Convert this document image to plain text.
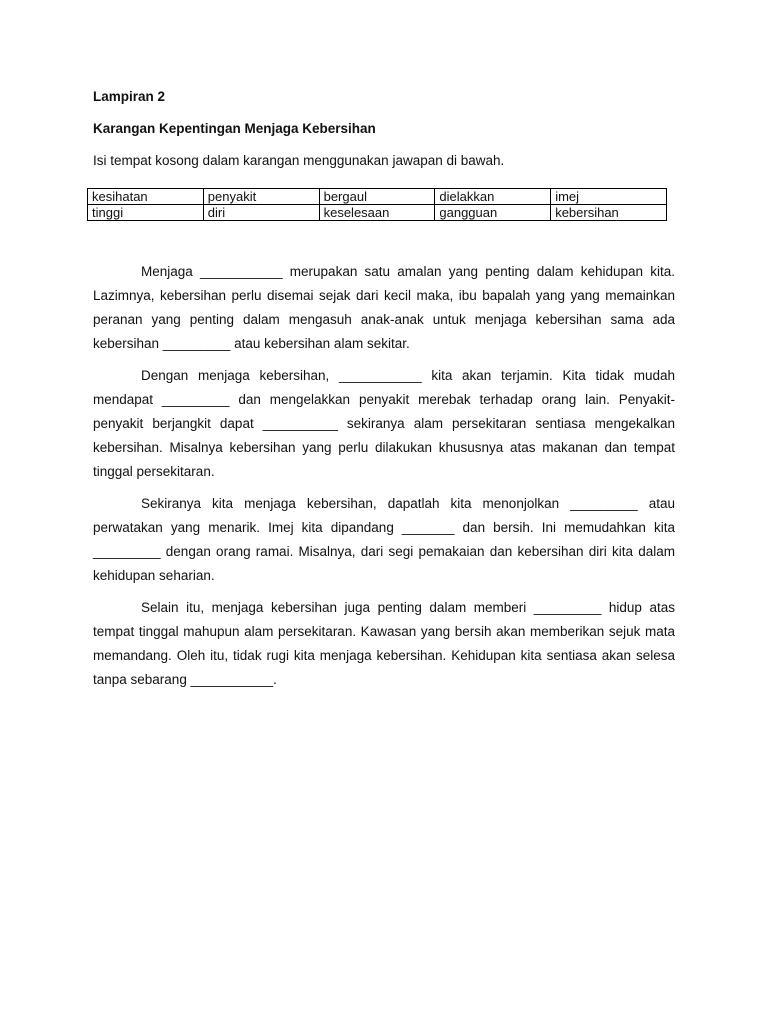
Lampiran 2

Karangan Kepentingan Menjaga Kebersihan

Isi tempat kosong dalam karangan menggunakan jawapan di bawah.

kesihatan	penyakit	bergaul	dielakkan	imej
tinggi	diri	keselesaan	gangguan	kebersihan

Menjaga ___________ merupakan satu amalan yang penting dalam kehidupan kita. Lazimnya, kebersihan perlu disemai sejak dari kecil maka, ibu bapalah yang yang memainkan peranan yang penting dalam mengasuh anak-anak untuk menjaga kebersihan sama ada kebersihan _________ atau kebersihan alam sekitar.

Dengan menjaga kebersihan, ___________ kita akan terjamin. Kita tidak mudah mendapat _________ dan mengelakkan penyakit merebak terhadap orang lain. Penyakit-penyakit berjangkit dapat __________ sekiranya alam persekitaran sentiasa mengekalkan kebersihan. Misalnya kebersihan yang perlu dilakukan khususnya atas makanan dan tempat tinggal persekitaran.

Sekiranya kita menjaga kebersihan, dapatlah kita menonjolkan _________ atau perwatakan yang menarik. Imej kita dipandang _______ dan bersih. Ini memudahkan kita _________ dengan orang ramai. Misalnya, dari segi pemakaian dan kebersihan diri kita dalam kehidupan seharian.

Selain itu, menjaga kebersihan juga penting dalam memberi _________ hidup atas tempat tinggal mahupun alam persekitaran. Kawasan yang bersih akan memberikan sejuk mata memandang. Oleh itu, tidak rugi kita menjaga kebersihan. Kehidupan kita sentiasa akan selesa tanpa sebarang ___________.
